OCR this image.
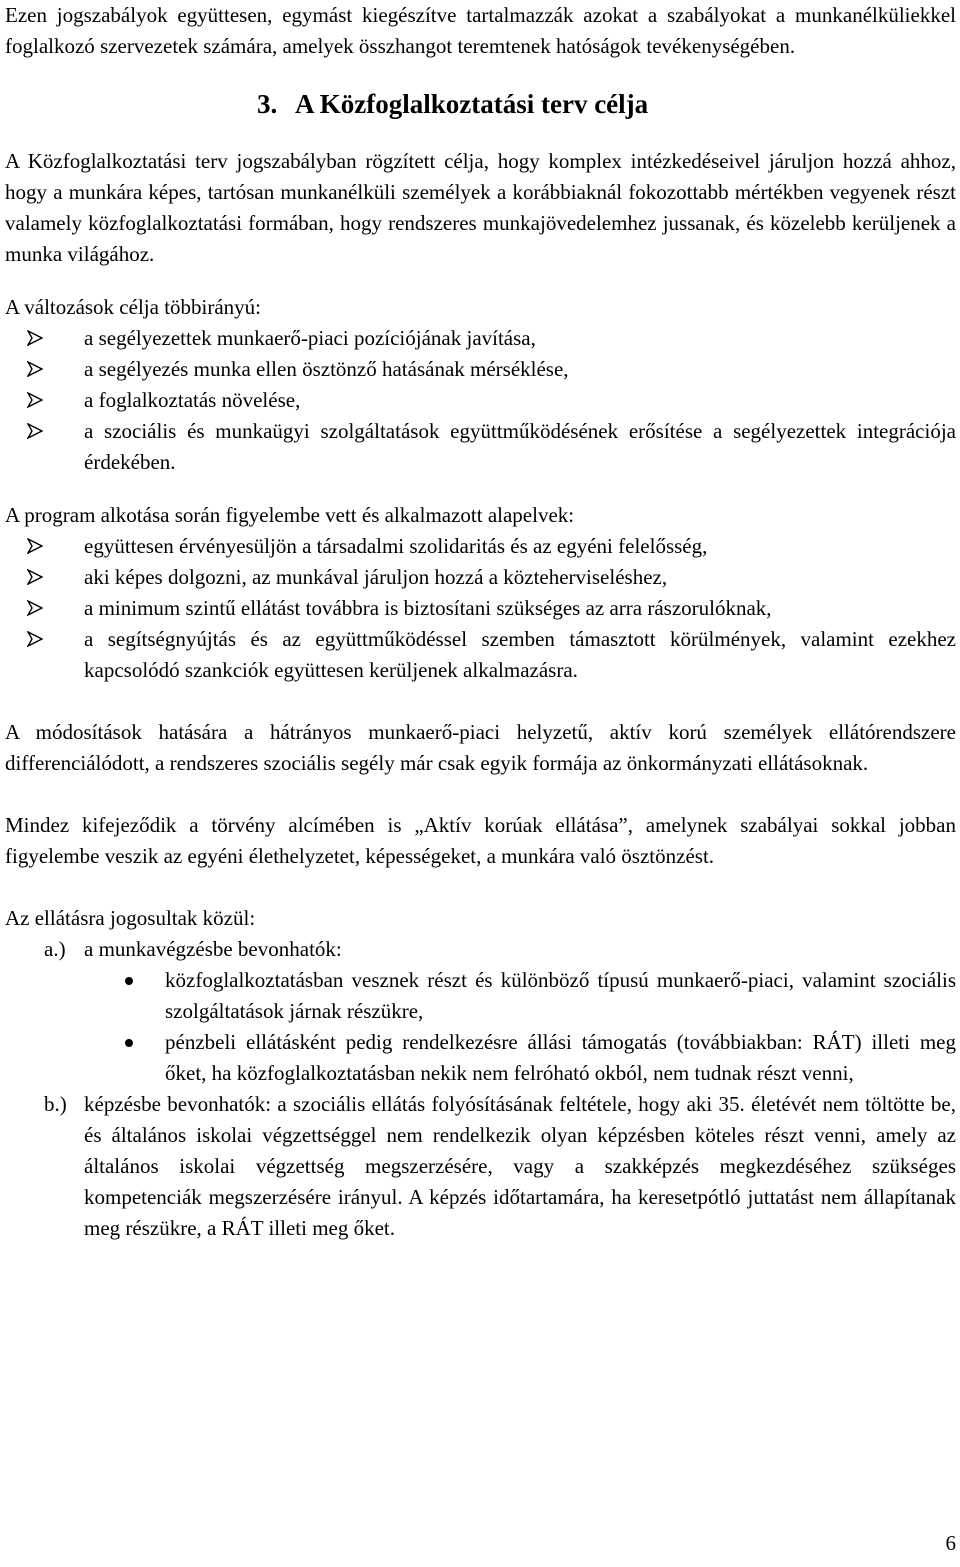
Ezen jogszabályok együttesen, egymást kiegészítve tartalmazzák azokat a szabályokat a munkanélküliekkel foglalkozó szervezetek számára, amelyek összhangot teremtenek hatóságok tevékenységében.

3. A Közfoglalkoztatási terv célja

A Közfoglalkoztatási terv jogszabályban rögzített célja, hogy komplex intézkedéseivel járuljon hozzá ahhoz, hogy a munkára képes, tartósan munkanélküli személyek a korábbiaknál fokozottabb mértékben vegyenek részt valamely közfoglalkoztatási formában, hogy rendszeres munkajövedelemhez jussanak, és közelebb kerüljenek a munka világához.

A változások célja többirányú:

a segélyezettek munkaerő-piaci pozíciójának javítása,
a segélyezés munka ellen ösztönző hatásának mérséklése,
a foglalkoztatás növelése,
a szociális és munkaügyi szolgáltatások együttműködésének erősítése a segélyezettek integrációja érdekében.

A program alkotása során figyelembe vett és alkalmazott alapelvek:

együttesen érvényesüljön a társadalmi szolidaritás és az egyéni felelősség,
aki képes dolgozni, az munkával járuljon hozzá a közteherviseléshez,
a minimum szintű ellátást továbbra is biztosítani szükséges az arra rászorulóknak,
a segítségnyújtás és az együttműködéssel szemben támasztott körülmények, valamint ezekhez kapcsolódó szankciók együttesen kerüljenek alkalmazásra.

A módosítások hatására a hátrányos munkaerő-piaci helyzetű, aktív korú személyek ellátórendszere differenciálódott, a rendszeres szociális segély már csak egyik formája az önkormányzati ellátásoknak.

Mindez kifejeződik a törvény alcímében is „Aktív korúak ellátása”, amelynek szabályai sokkal jobban figyelembe veszik az egyéni élethelyzetet, képességeket, a munkára való ösztönzést.

Az ellátásra jogosultak közül:

a.) a munkavégzésbe bevonhatók:
közfoglalkoztatásban vesznek részt és különböző típusú munkaerő-piaci, valamint szociális szolgáltatások járnak részükre,
pénzbeli ellátásként pedig rendelkezésre állási támogatás (továbbiakban: RÁT) illeti meg őket, ha közfoglalkoztatásban nekik nem felróható okból, nem tudnak részt venni,
b.) képzésbe bevonhatók: a szociális ellátás folyósításának feltétele, hogy aki 35. életévét nem töltötte be, és általános iskolai végzettséggel nem rendelkezik olyan képzésben köteles részt venni, amely az általános iskolai végzettség megszerzésére, vagy a szakképzés megkezdéséhez szükséges kompetenciák megszerzésére irányul. A képzés időtartamára, ha keresetpótló juttatást nem állapítanak meg részükre, a RÁT illeti meg őket.
6
